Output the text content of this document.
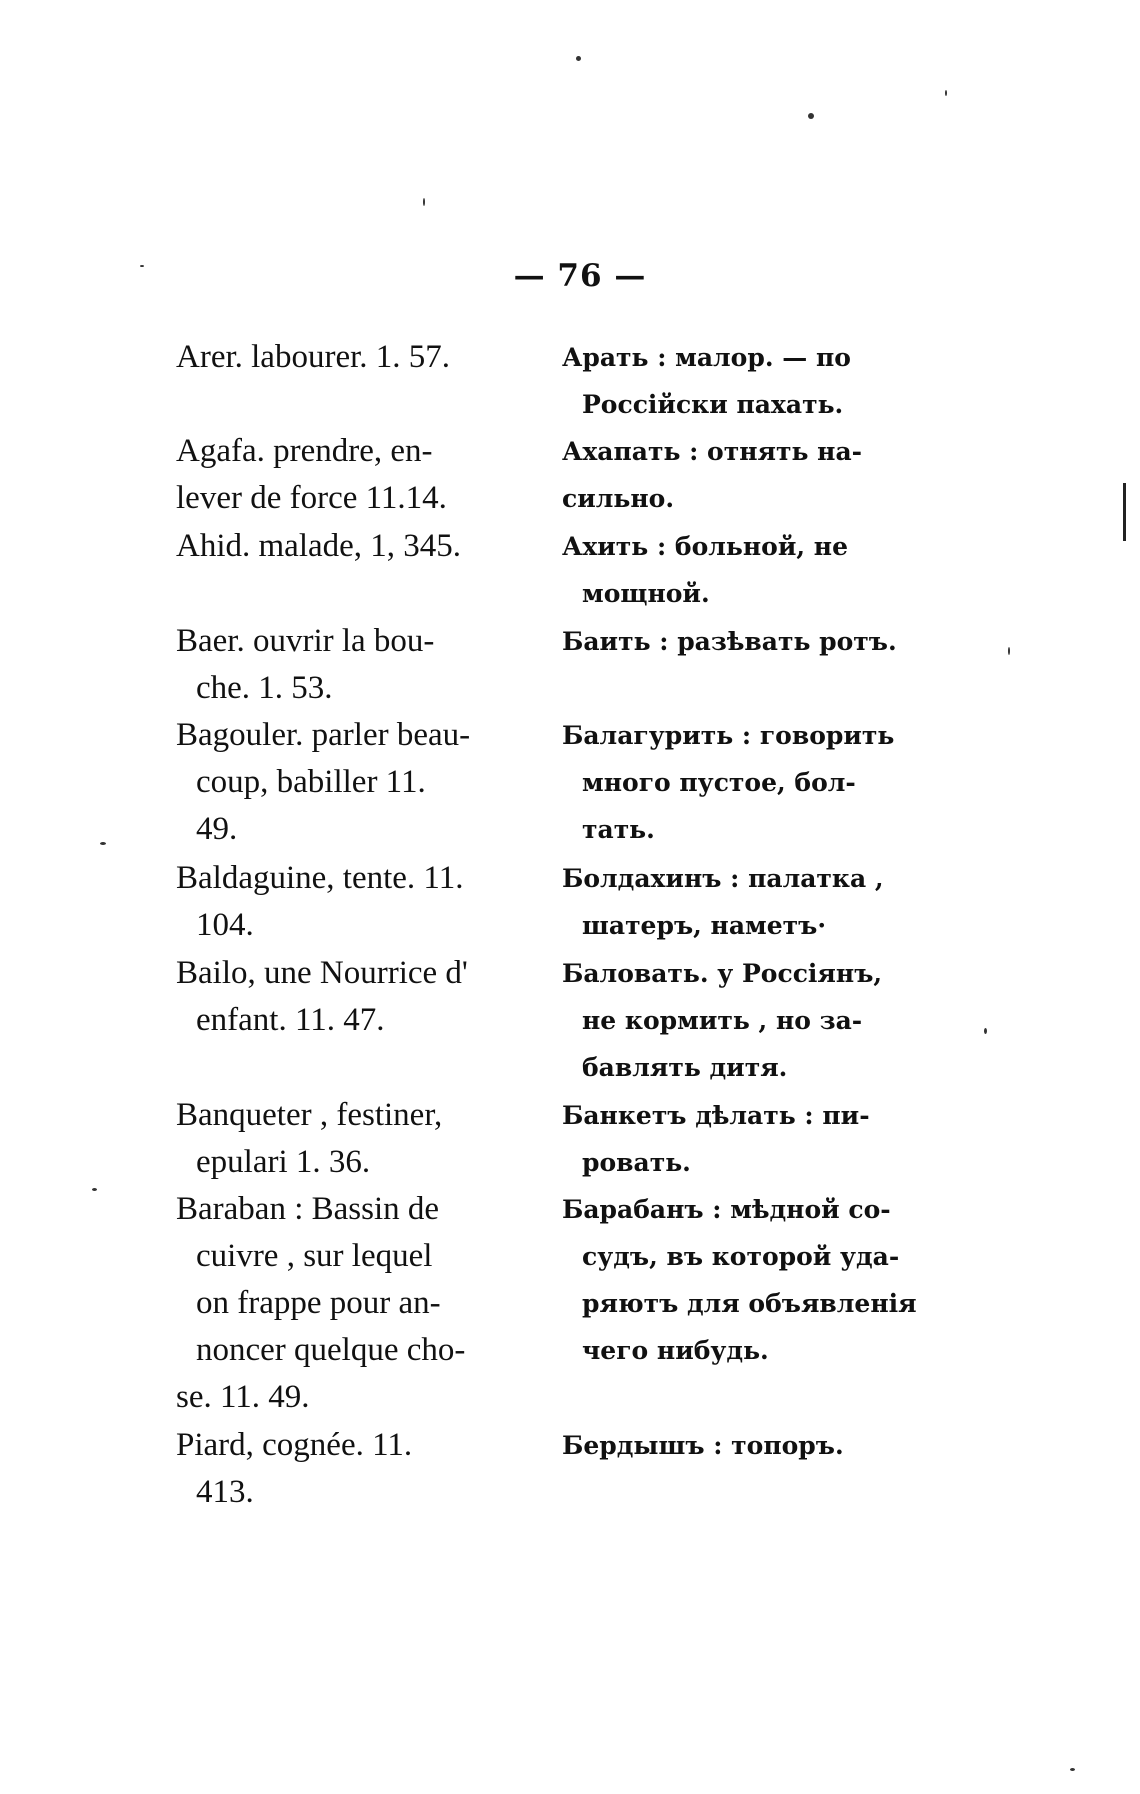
— 76 —
Arer. labourer. 1. 57.	Арать : малор. — по
Россійски пахать.
Agafa. prendre, en-
lever de force 11.14.
Ахапать : отнять на-
сильно.
Ahid. malade, 1, 345.	Ахить : больной, не
мощной.
Baer. ouvrir la bou-
che. 1. 53.
Баить : разѣвать ротъ.
Bagouler. parler beau-
coup, babiller 11.
49.
Балагурить : говорить
много пустое, бол-
тать.
Baldaguine, tente. 11.
104.
Болдахинъ : палатка ,
шатеръ, наметъ·
Bailo, une Nourrice d'
enfant. 11. 47.
Баловать. у Россіянъ,
не кормить , но за-
бавлять дитя.
Banqueter , festiner,
epulari 1. 36.
Банкетъ дѣлать : пи-
ровать.
Baraban : Bassin de
cuivre , sur lequel
on frappe pour an-
noncer quelque cho-
se. 11. 49.
Барабанъ : мѣдной со-
судъ, въ которой уда-
ряютъ для объявленія
чего нибудь.
Piard, cognée. 11.
413.
Бердышъ : топоръ.
